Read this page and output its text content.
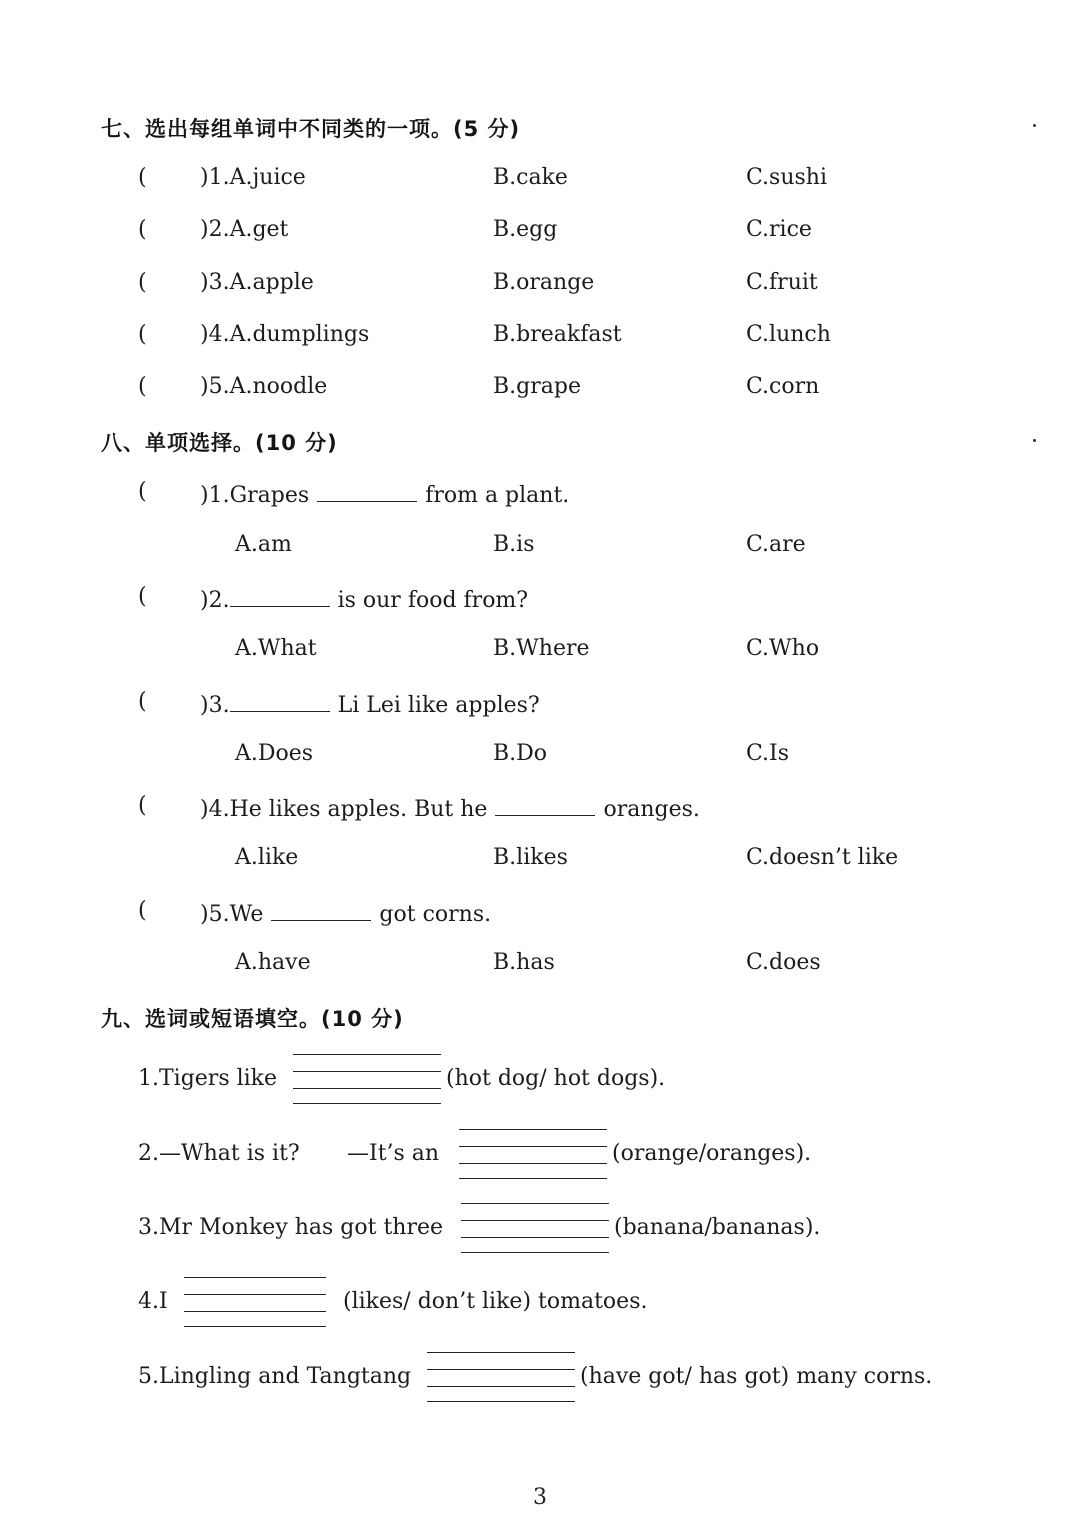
七、选出每组单词中不同类的一项。(5 分)
( )1.A.juice	B.cake	C.sushi
( )2.A.get	B.egg	C.rice
( )3.A.apple	B.orange	C.fruit
( )4.A.dumplings	B.breakfast	C.lunch
( )5.A.noodle	B.grape	C.corn
八、单项选择。(10 分)
( )1.Grapes	from a plant.
A.am	B.is	C.are
( )2.	is our food from?
A.What	B.Where	C.Who
( )3.	Li Lei like apples?
A.Does	B.Do	C.Is
( )4.He likes apples. But he	oranges.
A.like	B.likes	C.doesn’t like
( )5.We	got corns.
A.have	B.has	C.does
九、选词或短语填空。(10 分)
1.Tigers like	(hot dog/ hot dogs).
2.—What is it? —It’s an	(orange/oranges).
3.Mr Monkey has got three	(banana/bananas).
4.I	(likes/ don’t like) tomatoes.
5.Lingling and Tangtang	(have got/ has got) many corns.
3
